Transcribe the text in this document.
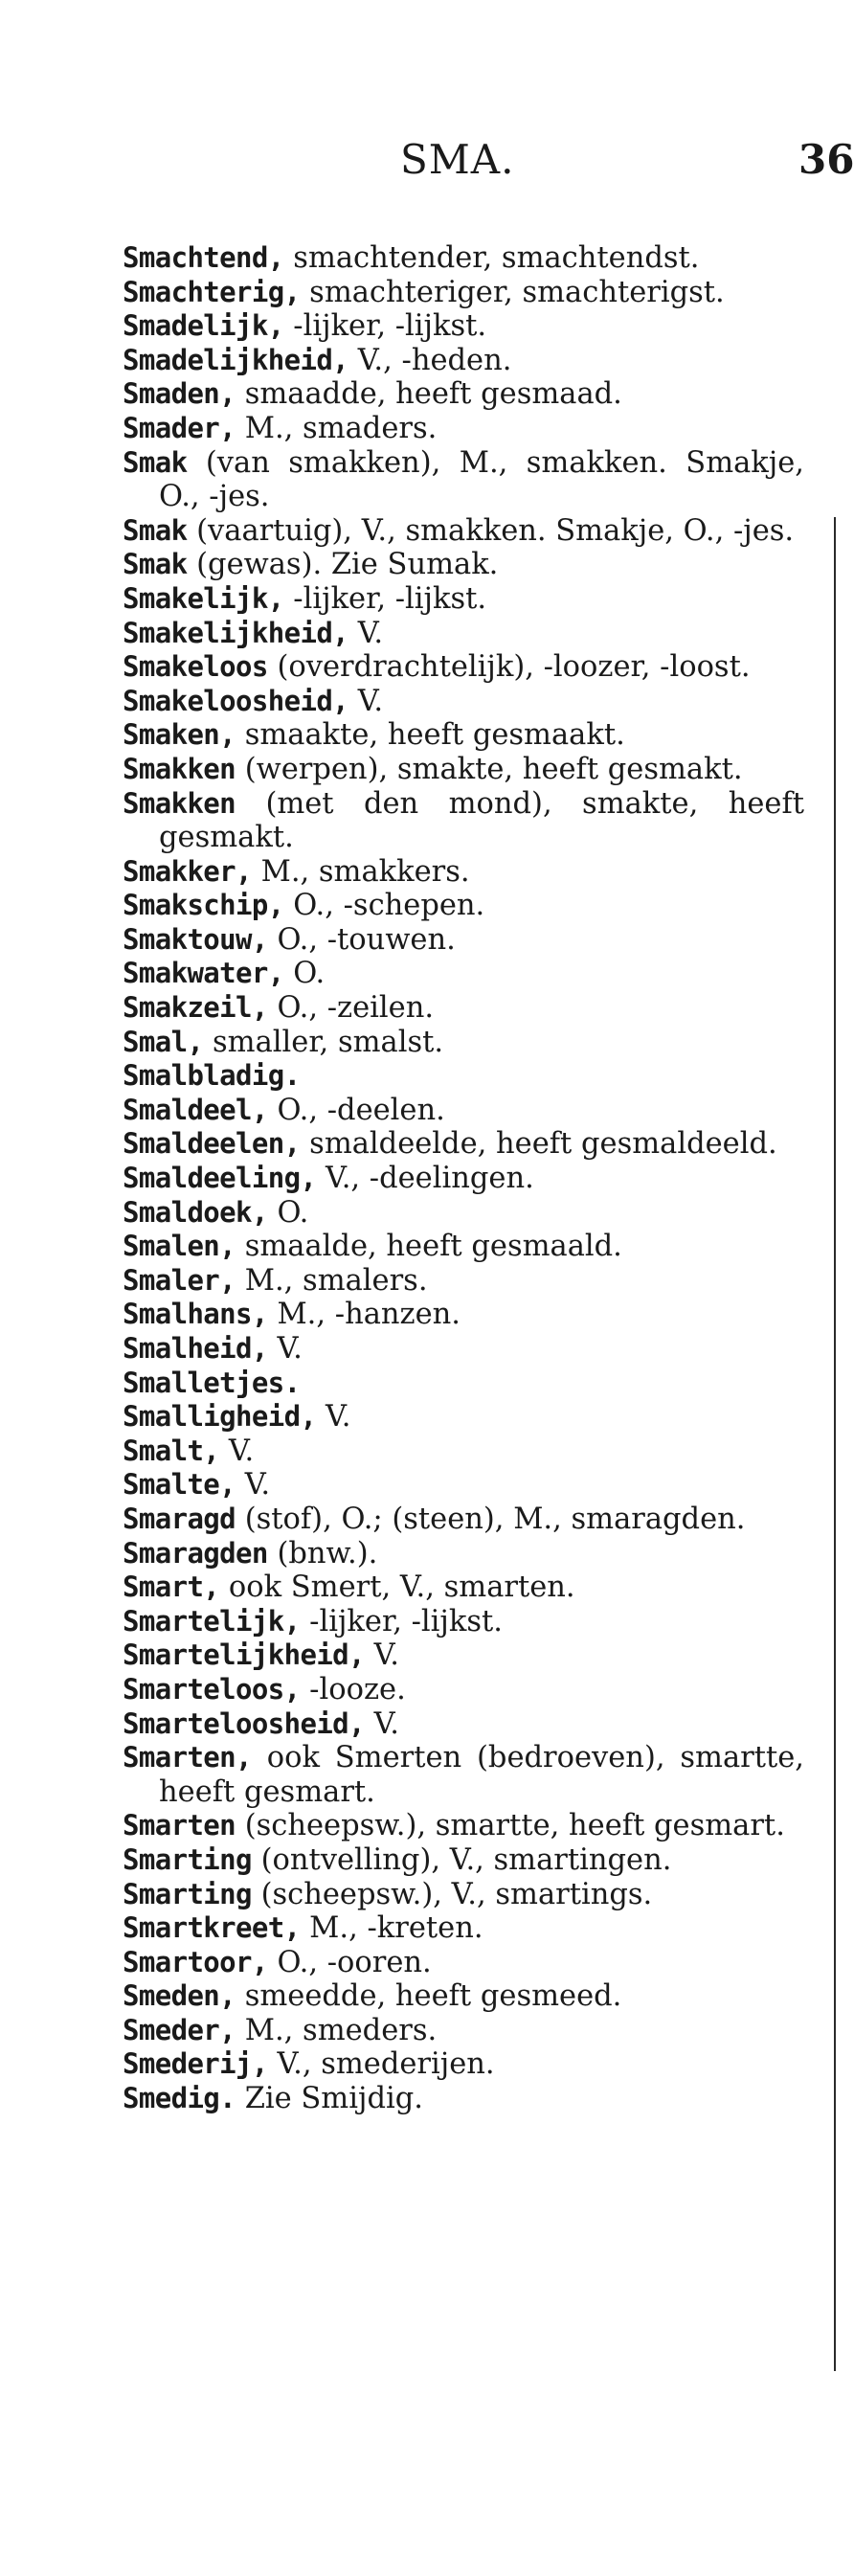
SMA.	36

Smachtend, smachtender, smachtendst.

Smachterig, smachteriger, smachterigst.

Smadelijk, -lijker, -lijkst.

Smadelijkheid, V., -heden.

Smaden, smaadde, heeft gesmaad.

Smader, M., smaders.

Smak (van smakken), M., smakken. Smakje, O., -jes.

Smak (vaartuig), V., smakken. Smakje, O., -jes.

Smak (gewas). Zie Sumak.

Smakelijk, -lijker, -lijkst.

Smakelijkheid, V.

Smakeloos (overdrachtelijk), -loozer, -loost.

Smakeloosheid, V.

Smaken, smaakte, heeft gesmaakt.

Smakken (werpen), smakte, heeft gesmakt.

Smakken (met den mond), smakte, heeft gesmakt.

Smakker, M., smakkers.

Smakschip, O., -schepen.

Smaktouw, O., -touwen.

Smakwater, O.

Smakzeil, O., -zeilen.

Smal, smaller, smalst.

Smalbladig.

Smaldeel, O., -deelen.

Smaldeelen, smaldeelde, heeft gesmaldeeld.

Smaldeeling, V., -deelingen.

Smaldoek, O.

Smalen, smaalde, heeft gesmaald.

Smaler, M., smalers.

Smalhans, M., -hanzen.

Smalheid, V.

Smalletjes.

Smalligheid, V.

Smalt, V.

Smalte, V.

Smaragd (stof), O.; (steen), M., smaragden.

Smaragden (bnw.).

Smart, ook Smert, V., smarten.

Smartelijk, -lijker, -lijkst.

Smartelijkheid, V.

Smarteloos, -looze.

Smarteloosheid, V.

Smarten, ook Smerten (bedroeven), smartte, heeft gesmart.

Smarten (scheepsw.), smartte, heeft gesmart.

Smarting (ontvelling), V., smartingen.

Smarting (scheepsw.), V., smartings.

Smartkreet, M., -kreten.

Smartoor, O., -ooren.

Smeden, smeedde, heeft gesmeed.

Smeder, M., smeders.

Smederij, V., smederijen.

Smedig. Zie Smijdig.
